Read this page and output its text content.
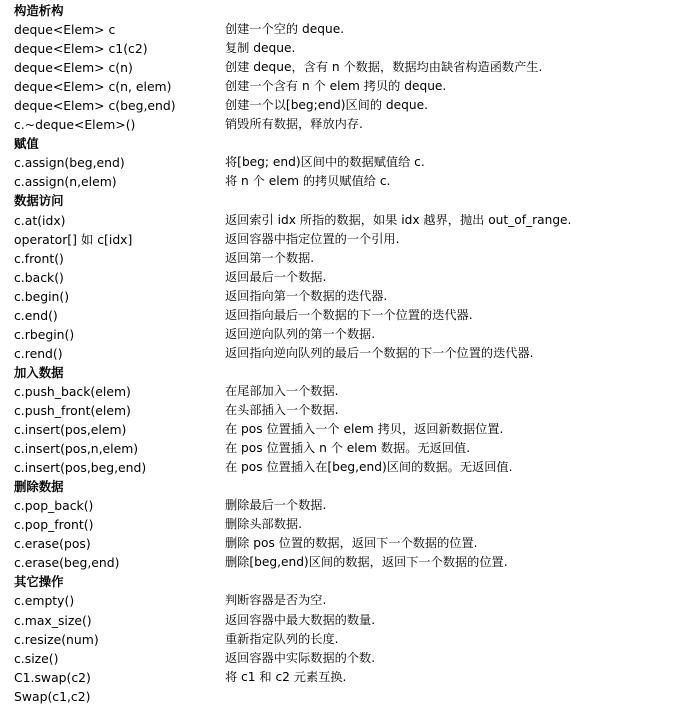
构造析构
deque<Elem> c	创建一个空的 deque.
deque<Elem> c1(c2)	复制 deque.
deque<Elem> c(n)	创建 deque，含有 n 个数据，数据均由缺省构造函数产生.
deque<Elem> c(n, elem)	创建一个含有 n 个 elem 拷贝的 deque.
deque<Elem> c(beg,end)	创建一个以[beg;end)区间的 deque.
c.~deque<Elem>()	销毁所有数据，释放内存.
赋值
c.assign(beg,end)	将[beg; end)区间中的数据赋值给 c.
c.assign(n,elem)	将 n 个 elem 的拷贝赋值给 c.
数据访问
c.at(idx)	返回索引 idx 所指的数据，如果 idx 越界，抛出 out_of_range.
operator[] 如 c[idx]	返回容器中指定位置的一个引用.
c.front()	返回第一个数据.
c.back()	返回最后一个数据.
c.begin()	返回指向第一个数据的迭代器.
c.end()	返回指向最后一个数据的下一个位置的迭代器.
c.rbegin()	返回逆向队列的第一个数据.
c.rend()	返回指向逆向队列的最后一个数据的下一个位置的迭代器.
加入数据
c.push_back(elem)	在尾部加入一个数据.
c.push_front(elem)	在头部插入一个数据.
c.insert(pos,elem)	在 pos 位置插入一个 elem 拷贝，返回新数据位置.
c.insert(pos,n,elem)	在 pos 位置插入 n 个 elem 数据。无返回值.
c.insert(pos,beg,end)	在 pos 位置插入在[beg,end)区间的数据。无返回值.
删除数据
c.pop_back()	删除最后一个数据.
c.pop_front()	删除头部数据.
c.erase(pos)	删除 pos 位置的数据，返回下一个数据的位置.
c.erase(beg,end)	删除[beg,end)区间的数据，返回下一个数据的位置.
其它操作
c.empty()	判断容器是否为空.
c.max_size()	返回容器中最大数据的数量.
c.resize(num)	重新指定队列的长度.
c.size()	返回容器中实际数据的个数.
C1.swap(c2)	将 c1 和 c2 元素互换.
Swap(c1,c2)
